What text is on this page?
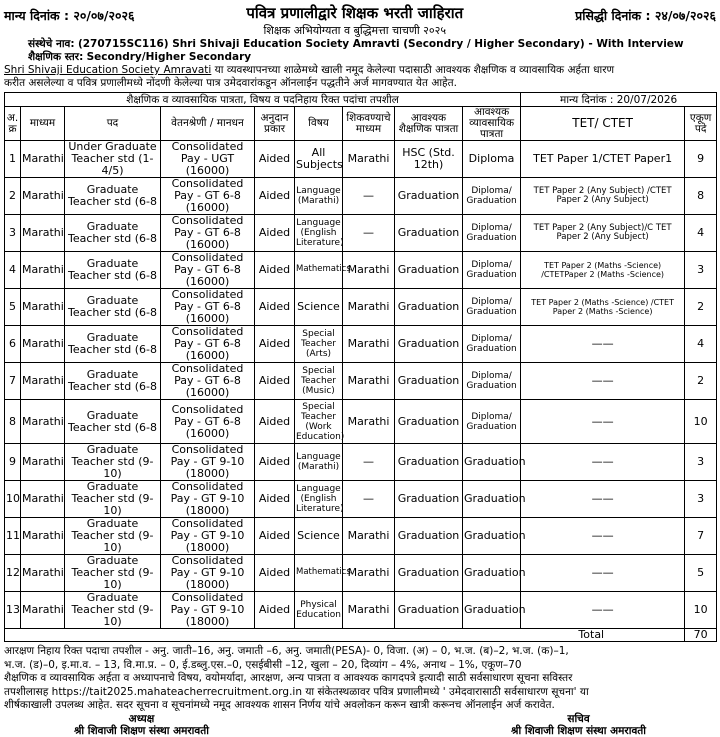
मान्य दिनांक : २०/०७/२०२६	पवित्र प्रणालीद्वारे शिक्षक भरती जाहिरात
शिक्षक अभियोग्यता व बुद्धिमत्ता चाचणी २०२५
प्रसिद्धी दिनांक : २४/०७/२०२६
संस्थेचे नाव: (270715SC116) Shri Shivaji Education Society Amravti (Secondry / Higher Secondary) - With Interview
शैक्षणिक स्तर: Secondry/Higher Secondary
Shri Shivaji Education Society Amravati या व्यवस्थापनच्या शाळेमध्ये खाली नमूद केलेल्या पदासाठी आवश्यक शैक्षणिक व व्यावसायिक अर्हता धारण
करीत असलेल्या व पवित्र प्रणालीमध्ये नोंदणी केलेल्या पात्र उमेदवारांकडून ऑनलाईन पद्धतीने अर्ज मागवण्यात येत आहेत.
शैक्षणिक व व्यावसायिक पात्रता, विषय व पदनिहाय रिक्त पदांचा तपशील									मान्य दिनांक : 20/07/2026	
अ. क्र	माध्यम	पद	वेतनश्रेणी / मानधन	अनुदान प्रकार	विषय	शिकवण्याचे माध्यम	आवश्यक शैक्षणिक पात्रता	आवश्यक व्यावसायिक पात्रता	TET/ CTET	एकूण पदे
1	Marathi	Under Graduate Teacher std (1-4/5)	Consolidated Pay - UGT (16000)	Aided	All Subjects	Marathi	HSC (Std. 12th)	Diploma	TET Paper 1/CTET Paper1	9
2	Marathi	Graduate Teacher std (6-8	Consolidated Pay - GT 6-8 (16000)	Aided	Language (Marathi)	—	Graduation	Diploma/ Graduation	TET Paper 2 (Any Subject) /CTET Paper 2 (Any Subject)	8
3	Marathi	Graduate Teacher std (6-8	Consolidated Pay - GT 6-8 (16000)	Aided	Language (English Literature)	—	Graduation	Diploma/ Graduation	TET Paper 2 (Any Subject)/C TET Paper 2 (Any Subject)	4
4	Marathi	Graduate Teacher std (6-8	Consolidated Pay - GT 6-8 (16000)	Aided	Mathematics	Marathi	Graduation	Diploma/ Graduation	TET Paper 2 (Maths -Science) /CTETPaper 2 (Maths -Science)	3
5	Marathi	Graduate Teacher std (6-8	Consolidated Pay - GT 6-8 (16000)	Aided	Science	Marathi	Graduation	Diploma/ Graduation	TET Paper 2 (Maths -Science) /CTET Paper 2 (Maths -Science)	2
6	Marathi	Graduate Teacher std (6-8	Consolidated Pay - GT 6-8 (16000)	Aided	Special Teacher (Arts)	Marathi	Graduation	Diploma/ Graduation	——	4
7	Marathi	Graduate Teacher std (6-8	Consolidated Pay - GT 6-8 (16000)	Aided	Special Teacher (Music)	Marathi	Graduation	Diploma/ Graduation	——	2
8	Marathi	Graduate Teacher std (6-8	Consolidated Pay - GT 6-8 (16000)	Aided	Special Teacher (Work Education)	Marathi	Graduation	Diploma/ Graduation	——	10
9	Marathi	Graduate Teacher std (9-10)	Consolidated Pay - GT 9-10 (18000)	Aided	Language (Marathi)	—	Graduation	Graduation	——	3
10	Marathi	Graduate Teacher std (9-10)	Consolidated Pay - GT 9-10 (18000)	Aided	Language (English Literature)	—	Graduation	Graduation	——	3
11	Marathi	Graduate Teacher std (9-10)	Consolidated Pay - GT 9-10 (18000)	Aided	Science	Marathi	Graduation	Graduation	——	7
12	Marathi	Graduate Teacher std (9-10)	Consolidated Pay - GT 9-10 (18000)	Aided	Mathematics	Marathi	Graduation	Graduation	——	5
13	Marathi	Graduate Teacher std (9-10)	Consolidated Pay - GT 9-10 (18000)	Aided	Physical Education	Marathi	Graduation	Graduation	——	10
Total										70
आरक्षण निहाय रिक्त पदाचा तपशील - अनु. जाती–16, अनु. जमाती –6, अनु. जमाती(PESA)- 0, विजा. (अ) – 0, भ.ज. (ब)–2, भ.ज. (क)–1,
भ.ज. (ड)–0, इ.मा.व. – 13, वि.मा.प्र. – 0, ई.डब्लु.एस.–0, एसईबीसी –12, खुला – 20, दिव्यांग – 4%, अनाथ – 1%, एकूण–70
शैक्षणिक व व्यावसायिक अर्हता व अध्यापनाचे विषय, वयोमर्यादा, आरक्षण, अन्य पात्रता व आवश्यक कागदपत्रे इत्यादी साठी सर्वसाधारण सूचना सविस्तर
तपशीलासह https://tait2025.mahateacherrecruitment.org.in या संकेतस्थळावर पवित्र प्रणालीमध्ये ' उमेदवारासाठी सर्वसाधारण सूचना' या
शीर्षकाखाली उपलब्ध आहेत. सदर सूचना व सूचनांमध्ये नमूद आवश्यक शासन निर्णय यांचे अवलोकन करून खात्री करूनच ऑनलाईन अर्ज करावेत.
अध्यक्ष
श्री शिवाजी शिक्षण संस्था अमरावती
सचिव
श्री शिवाजी शिक्षण संस्था अमरावती
